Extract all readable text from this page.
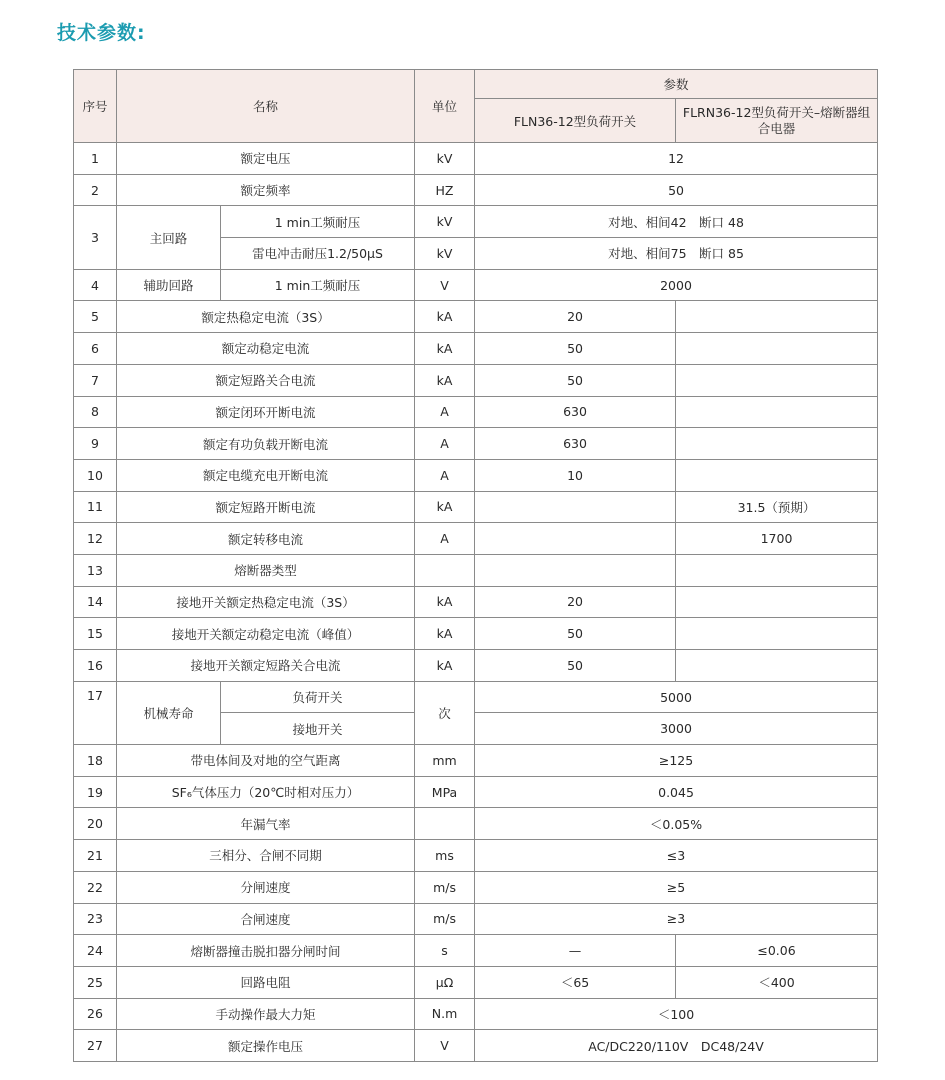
技术参数:
序号	名称		单位	参数	
				FLN36-12型负荷开关	FLRN36-12型负荷开关–熔断器组合电器
1	额定电压		kV	12	
2	额定频率		HZ	50	
3	主回路	1 min工频耐压	kV	对地、相间42　断口 48	
		雷电冲击耐压1.2/50μS	kV	对地、相间75　断口 85	
4	辅助回路	1 min工频耐压	V	2000	
5	额定热稳定电流（3S）		kA	20	
6	额定动稳定电流		kA	50	
7	额定短路关合电流		kA	50	
8	额定闭环开断电流		A	630	
9	额定有功负载开断电流		A	630	
10	额定电缆充电开断电流		A	10	
11	额定短路开断电流		kA		31.5（预期）
12	额定转移电流		A		1700
13	熔断器类型				
14	接地开关额定热稳定电流（3S）		kA	20	
15	接地开关额定动稳定电流（峰值）		kA	50	
16	接地开关额定短路关合电流		kA	50	
17	机械寿命	负荷开关	次	5000	
		接地开关		3000	
18	带电体间及对地的空气距离		mm	≥125	
19	SF₆气体压力（20℃时相对压力）		MPa	0.045	
20	年漏气率			＜0.05%	
21	三相分、合闸不同期		ms	≤3	
22	分闸速度		m/s	≥5	
23	合闸速度		m/s	≥3	
24	熔断器撞击脱扣器分闸时间		s	—	≤0.06
25	回路电阻		μΩ	＜65	＜400
26	手动操作最大力矩		N.m	＜100	
27	额定操作电压		V	AC/DC220/110V　DC48/24V	
